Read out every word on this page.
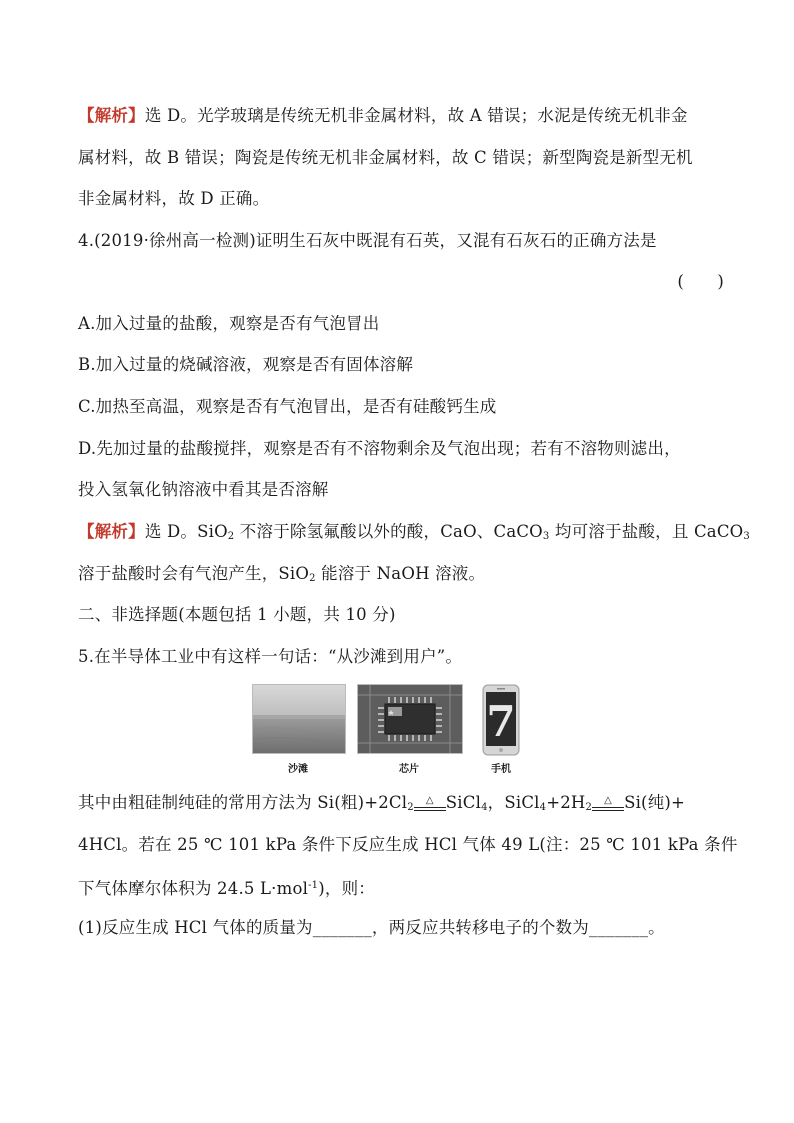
【解析】选 D。光学玻璃是传统无机非金属材料，故 A 错误；水泥是传统无机非金
属材料，故 B 错误；陶瓷是传统无机非金属材料，故 C 错误；新型陶瓷是新型无机
非金属材料，故 D 正确。
4.(2019·徐州高一检测)证明生石灰中既混有石英，又混有石灰石的正确方法是
(　　)
A.加入过量的盐酸，观察是否有气泡冒出
B.加入过量的烧碱溶液，观察是否有固体溶解
C.加热至高温，观察是否有气泡冒出，是否有硅酸钙生成
D.先加过量的盐酸搅拌，观察是否有不溶物剩余及气泡出现；若有不溶物则滤出，
投入氢氧化钠溶液中看其是否溶解
【解析】选 D。SiO$_2$ 不溶于除氢氟酸以外的酸，CaO、CaCO$_3$ 均可溶于盐酸，且 CaCO$_3$
溶于盐酸时会有气泡产生，SiO$_2$ 能溶于 NaOH 溶液。
二、非选择题(本题包括 1 小题，共 10 分)
5.在半导体工业中有这样一句话：“从沙滩到用户”。
7
沙滩	芯片	手机
其中由粗硅制纯硅的常用方法为 Si(粗)$+2Cl_2$
△ SiCl$_4$，$SiCl_4+2H_2$
△ Si(纯)+
4HCl。若在 25 ℃ 101 kPa 条件下反应生成 HCl 气体 49 L(注：25 ℃ 101 kPa 条件
下气体摩尔体积为 24.5 L·mol$^{-1}$)，则：
(1)反应生成 HCl 气体的质量为_______，两反应共转移电子的个数为_______。
